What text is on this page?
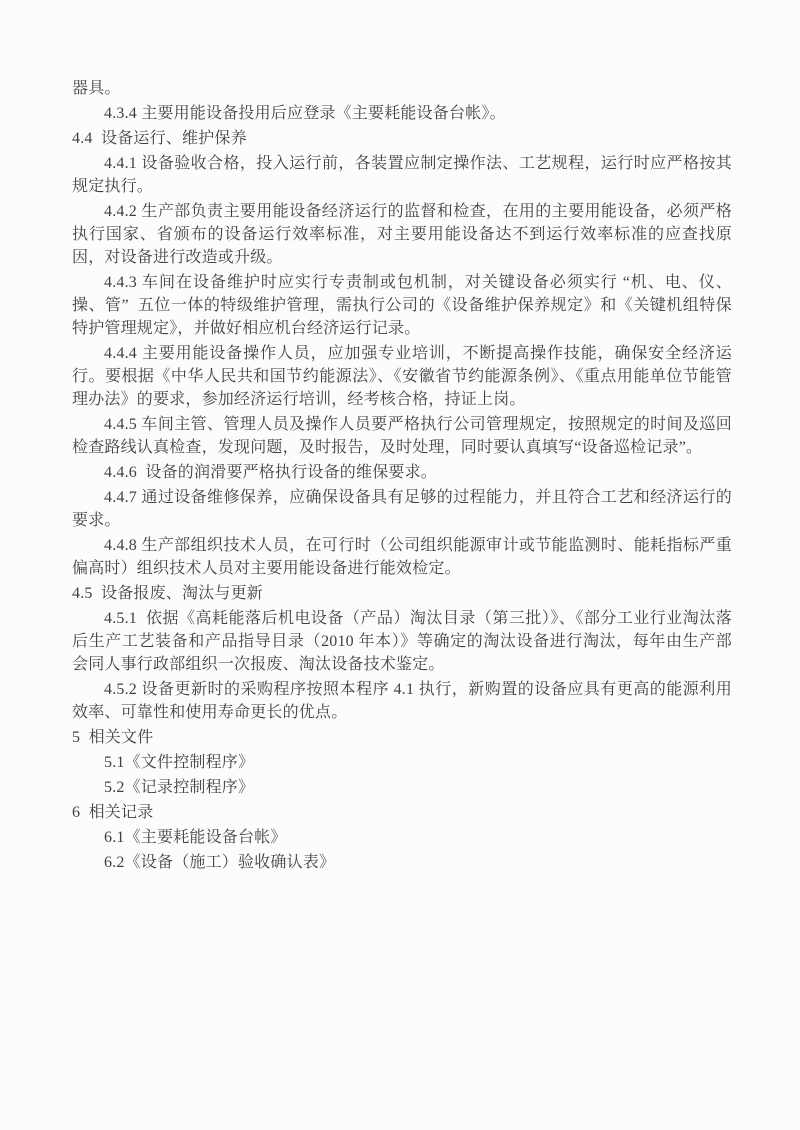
器具。

4.3.4 主要用能设备投用后应登录《主要耗能设备台帐》。

4.4  设备运行、维护保养

4.4.1 设备验收合格，投入运行前，各装置应制定操作法、工艺规程，运行时应严格按其规定执行。

4.4.2 生产部负责主要用能设备经济运行的监督和检查，在用的主要用能设备，必须严格执行国家、省颁布的设备运行效率标准，对主要用能设备达不到运行效率标准的应查找原因，对设备进行改造或升级。

4.4.3 车间在设备维护时应实行专责制或包机制，对关键设备必须实行 “机、电、仪、操、管”  五位一体的特级维护管理，需执行公司的《设备维护保养规定》和《关键机组特保特护管理规定》，并做好相应机台经济运行记录。

4.4.4 主要用能设备操作人员，应加强专业培训，不断提高操作技能，确保安全经济运行。要根据《中华人民共和国节约能源法》、《安徽省节约能源条例》、《重点用能单位节能管理办法》的要求，参加经济运行培训，经考核合格，持证上岗。

4.4.5 车间主管、管理人员及操作人员要严格执行公司管理规定，按照规定的时间及巡回检查路线认真检查，发现问题，及时报告，及时处理，同时要认真填写“设备巡检记录”。

4.4.6  设备的润滑要严格执行设备的维保要求。

4.4.7 通过设备维修保养，应确保设备具有足够的过程能力，并且符合工艺和经济运行的要求。

4.4.8 生产部组织技术人员，在可行时（公司组织能源审计或节能监测时、能耗指标严重偏高时）组织技术人员对主要用能设备进行能效检定。

4.5  设备报废、淘汰与更新

4.5.1  依据《高耗能落后机电设备（产品）淘汰目录（第三批）》、《部分工业行业淘汰落后生产工艺装备和产品指导目录（2010 年本）》等确定的淘汰设备进行淘汰，每年由生产部会同人事行政部组织一次报废、淘汰设备技术鉴定。

4.5.2 设备更新时的采购程序按照本程序 4.1 执行，新购置的设备应具有更高的能源利用效率、可靠性和使用寿命更长的优点。

5  相关文件

5.1《文件控制程序》

5.2《记录控制程序》

6  相关记录

6.1《主要耗能设备台帐》

6.2《设备（施工）验收确认表》
